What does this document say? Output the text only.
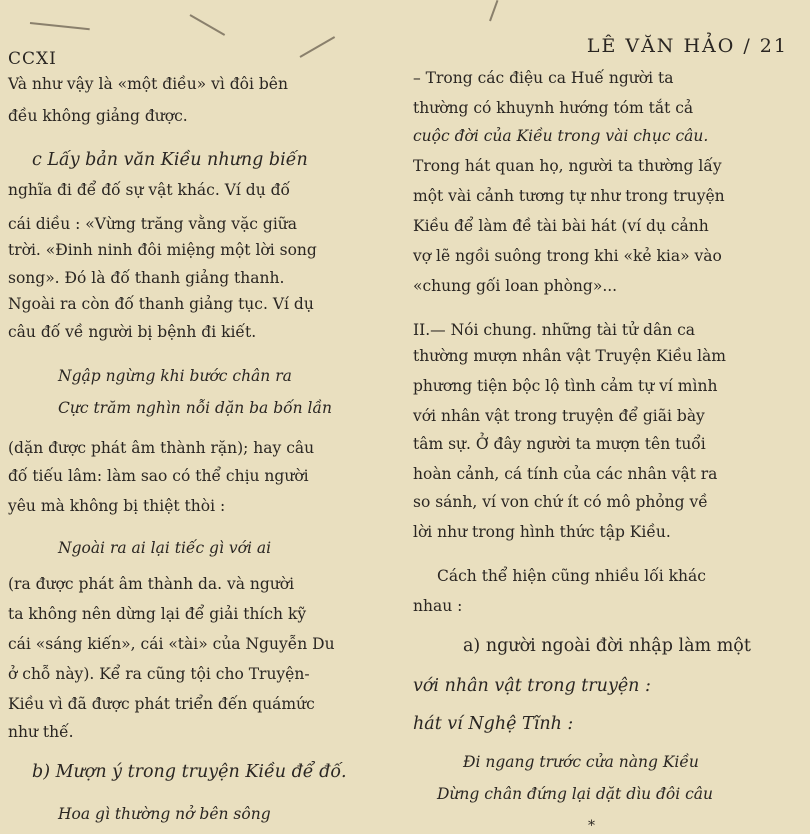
CCXI
LÊ VĂN HẢO / 21
Và như vậy là «một điều» vì đôi bên
đều không giảng được.
c Lấy bản văn Kiều nhưng biến
nghĩa đi để đố sự vật khác. Ví dụ đố
cái diều : «Vừng trăng vằng vặc giữa
trời. «Đinh ninh đôi miệng một lời song
song». Đó là đố thanh giảng thanh.
Ngoài ra còn đố thanh giảng tục. Ví dụ
câu đố về người bị bệnh đi kiết.
Ngập ngừng khi bước chân ra
Cực trăm nghìn nỗi dặn ba bốn lần
(dặn được phát âm thành rặn); hay câu
đố tiếu lâm: làm sao có thể chịu người
yêu mà không bị thiệt thòi :
Ngoài ra ai lại tiếc gì với ai
(ra được phát âm thành da. và người
ta không nên dừng lại để giải thích kỹ
cái «sáng kiến», cái «tài» của Nguyễn Du
ở chỗ này). Kể ra cũng tội cho Truyện-
Kiều vì đã được phát triển đến quámức
như thế.
b) Mượn ý trong truyện Kiều để đố.
Hoa gì thường nở bên sông
– Trong các điệu ca Huế người ta
thường có khuynh hướng tóm tắt cả
cuộc đời của Kiều trong vài chục câu.
Trong hát quan họ, người ta thường lấy
một vài cảnh tương tự như trong truyện
Kiều để làm đề tài bài hát (ví dụ cảnh
vợ lẽ ngồi suông trong khi «kẻ kia» vào
«chung gối loan phòng»...
II.— Nói chung. những tài tử dân ca
thường mượn nhân vật Truyện Kiều làm
phương tiện bộc lộ tình cảm tự ví mình
với nhân vật trong truyện để giãi bày
tâm sự. Ở đây người ta mượn tên tuổi
hoàn cảnh, cá tính của các nhân vật ra
so sánh, ví von chứ ít có mô phỏng về
lời như trong hình thức tập Kiều.
Cách thể hiện cũng nhiều lối khác
nhau :
a) người ngoài đời nhập làm một
với nhân vật trong truyện :
hát ví Nghệ Tĩnh :
Đi ngang trước cửa nàng Kiều
Dừng chân đứng lại dặt dìu đôi câu
*
